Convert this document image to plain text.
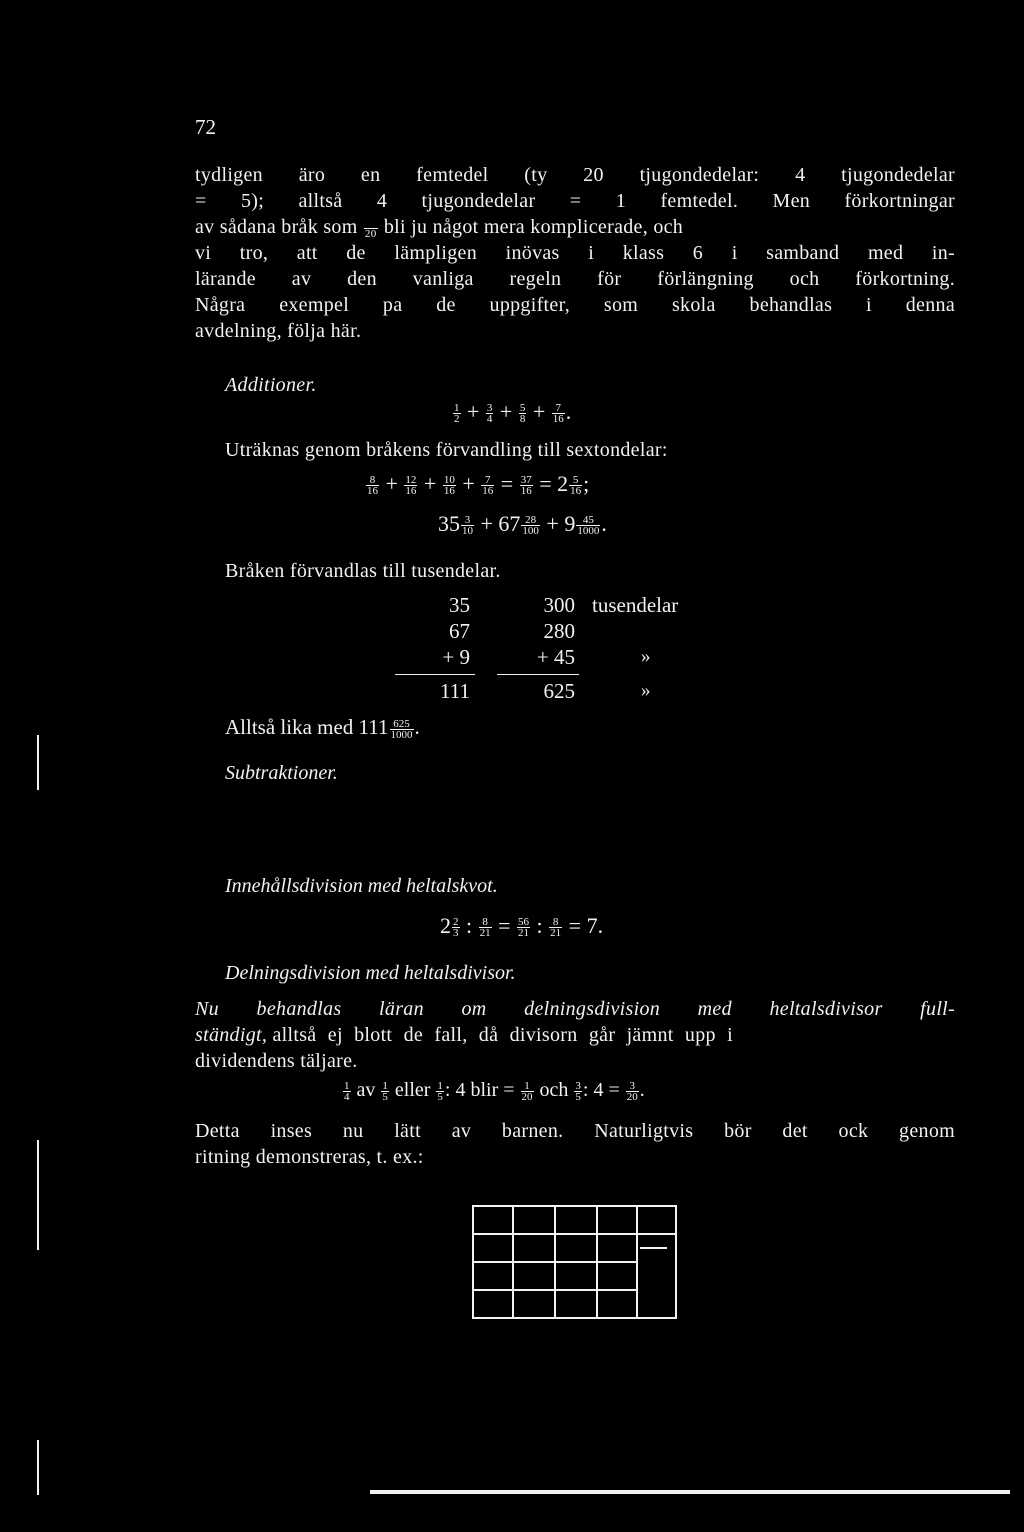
72
tydligen äro en femtedel (ty 20 tjugondedelar: 4 tjugondedelar
= 5); alltså 4 tjugondedelar = 1 femtedel. Men förkortningar
av sådana bråk som
20 bli ju något mera komplicerade, och
vi tro, att de lämpligen inövas i klass 6 i samband med in-
lärande av den vanliga regeln för förlängning och förkortning.
Några exempel pa de uppgifter, som skola behandlas i denna
avdelning, följa här.
Additioner.
$\frac{1}{2} + \frac{3}{4} + \frac{5}{8} + \frac{7}{16}$ .
Uträknas genom bråkens förvandling till sextondelar:
$\frac{8}{16} + \frac{12}{16} + \frac{10}{16} + \frac{7}{16} = \frac{37}{16} = 2 \frac{5}{16}$ ;
$35 \frac{3}{10} + 67 \frac{28}{100} + 9 \frac{45}{1000}$ .
Bråken förvandlas till tusendelar.
35	300 tusendelar
67	280
+ 9	+ 45	»
111	625	»
Alltså lika med $111 \frac{625}{1000}$ .
Subtraktioner.
Innehållsdivision med heltalskvot.
$2 \frac{2}{3}$ : $\frac{8}{21} = \frac{56}{21}$ : $\frac{8}{21} = 7$.
Delningsdivision med heltalsdivisor.
Nu behandlas läran om delningsdivision med heltalsdivisor full-
ständigt, alltså ej blott de fall, då divisorn går jämnt upp i
dividendens täljare.
$\frac{1}{4}$ av $\frac{1}{5}$ eller $\frac{1}{5}$ : 4 blir = $\frac{1}{20}$ och $\frac{3}{5}$ : $4 = \frac{3}{20}$ .
Detta inses nu lätt av barnen. Naturligtvis bör det ock genom
ritning demonstreras, t. ex.:
